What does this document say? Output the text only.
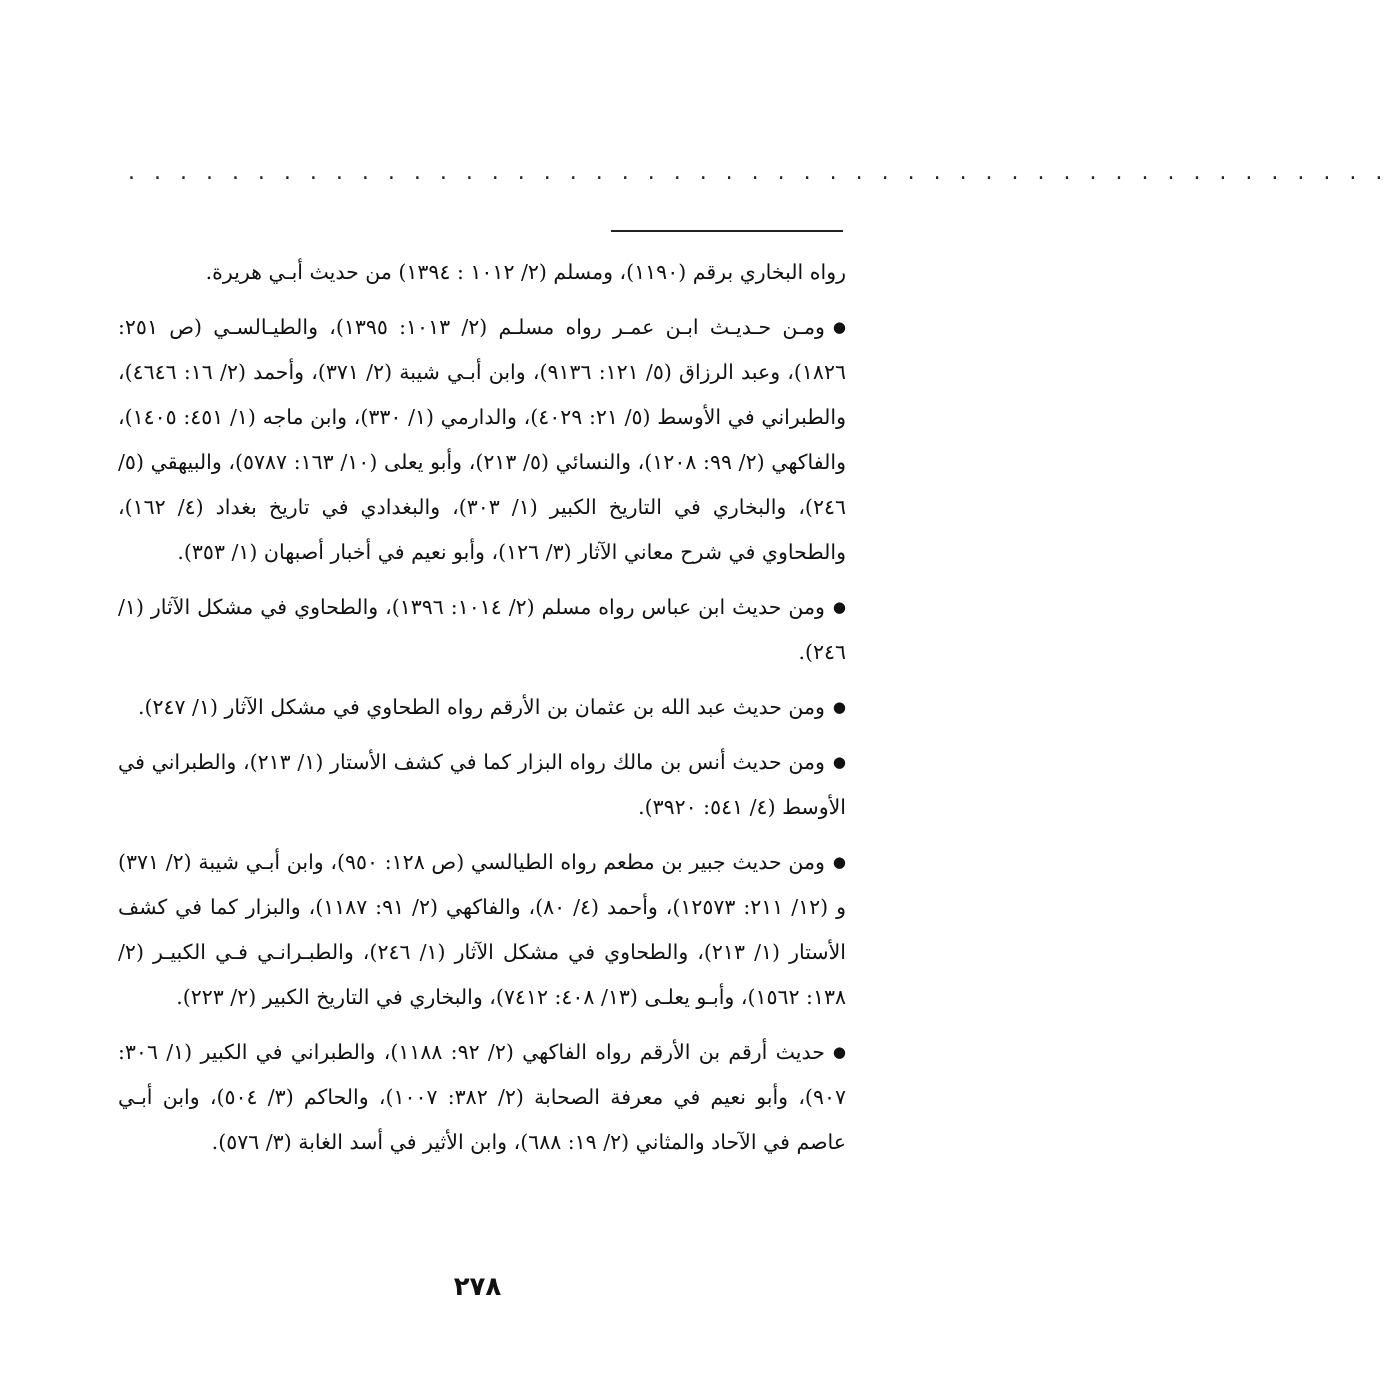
. . . . . . . . . . . . . . . . . . . . . . . . . . . . . . . . . . . . . . . . . . . . . . . . .

رواه البخاري برقم (١١٩٠)، ومسلم (٢/ ١٠١٢ : ١٣٩٤) من حديث أبـي هريرة.

●ومـن حـديـث ابـن عمـر رواه مسلـم (٢/ ١٠١٣: ١٣٩٥)، والطيـالسـي (ص ٢٥١: ١٨٢٦)، وعبد الرزاق (٥/ ١٢١: ٩١٣٦)، وابن أبـي شيبة (٢/ ٣٧١)، وأحمد (٢/ ١٦: ٤٦٤٦)، والطبراني في الأوسط (٥/ ٢١: ٤٠٢٩)، والدارمي (١/ ٣٣٠)، وابن ماجه (١/ ٤٥١: ١٤٠٥)، والفاكهي (٢/ ٩٩: ١٢٠٨)، والنسائي (٥/ ٢١٣)، وأبو يعلى (١٠/ ١٦٣: ٥٧٨٧)، والبيهقي (٥/ ٢٤٦)، والبخاري في التاريخ الكبير (١/ ٣٠٣)، والبغدادي في تاريخ بغداد (٤/ ١٦٢)، والطحاوي في شرح معاني الآثار (٣/ ١٢٦)، وأبو نعيم في أخبار أصبهان (١/ ٣٥٣).

●ومن حديث ابن عباس رواه مسلم (٢/ ١٠١٤: ١٣٩٦)، والطحاوي في مشكل الآثار (١/ ٢٤٦).

●ومن حديث عبد الله بن عثمان بن الأرقم رواه الطحاوي في مشكل الآثار (١/ ٢٤٧).

●ومن حديث أنس بن مالك رواه البزار كما في كشف الأستار (١/ ٢١٣)، والطبراني في الأوسط (٤/ ٥٤١: ٣٩٢٠).

●ومن حديث جبير بن مطعم رواه الطيالسي (ص ١٢٨: ٩٥٠)، وابن أبـي شيبة (٢/ ٣٧١) و (١٢/ ٢١١: ١٢٥٧٣)، وأحمد (٤/ ٨٠)، والفاكهي (٢/ ٩١: ١١٨٧)، والبزار كما في كشف الأستار (١/ ٢١٣)، والطحاوي في مشكل الآثار (١/ ٢٤٦)، والطبـرانـي فـي الكبيـر (٢/ ١٣٨: ١٥٦٢)، وأبـو يعلـى (١٣/ ٤٠٨: ٧٤١٢)، والبخاري في التاريخ الكبير (٢/ ٢٢٣).

●حديث أرقم بن الأرقم رواه الفاكهي (٢/ ٩٢: ١١٨٨)، والطبراني في الكبير (١/ ٣٠٦: ٩٠٧)، وأبو نعيم في معرفة الصحابة (٢/ ٣٨٢: ١٠٠٧)، والحاكم (٣/ ٥٠٤)، وابن أبـي عاصم في الآحاد والمثاني (٢/ ١٩: ٦٨٨)، وابن الأثير في أسد الغابة (٣/ ٥٧٦).

٢٧٨
